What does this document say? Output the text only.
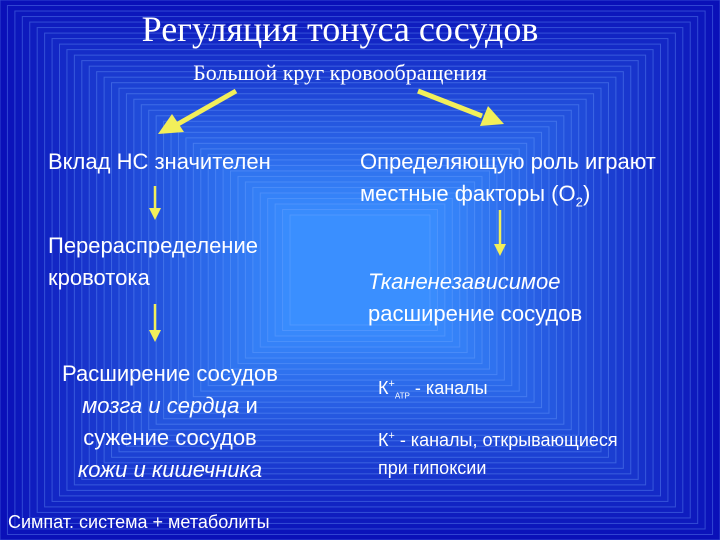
Регуляция тонуса сосудов
Большой круг кровообращения
Вклад НС значителен
Перераспределение
кровотока
Расширение сосудов
мозга и сердца и
сужение сосудов
кожи и кишечника
Определяющую роль играют
местные факторы $(О_2)$
Тканенезависимое
расширение сосудов
$К^+_{АТР}$ - каналы
К+ - каналы, открывающиеся
при гипоксии
Симпат. система + метаболиты
